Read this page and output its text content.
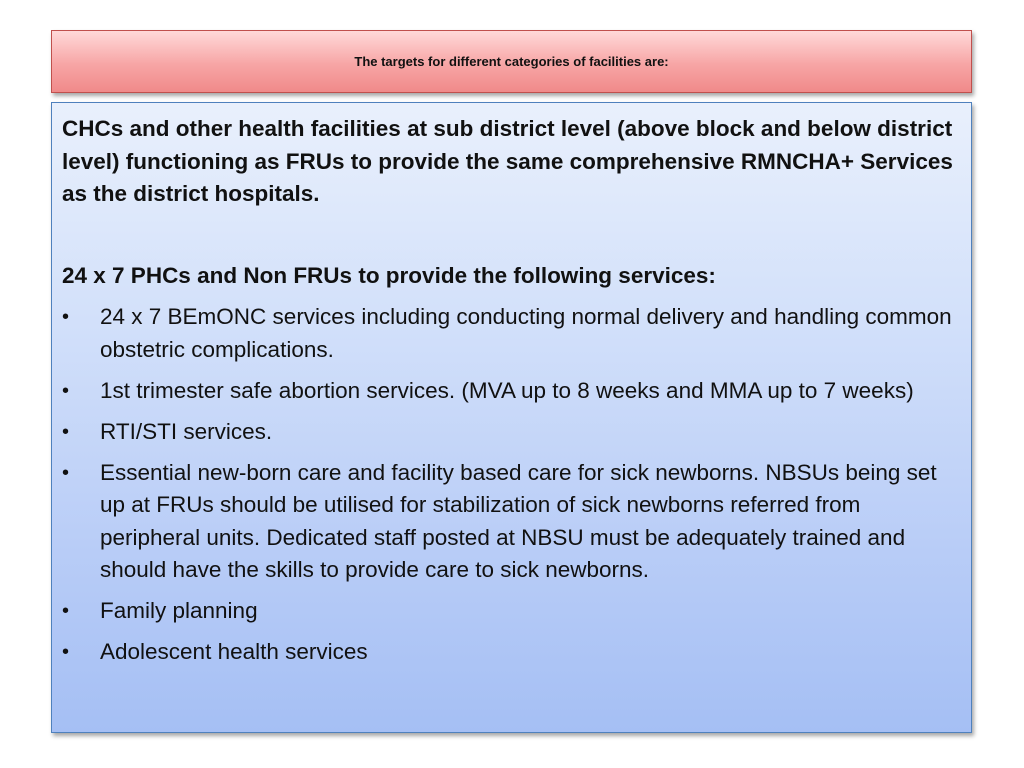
The targets for different categories of facilities are:

CHCs and other health facilities at sub district level (above block and below district level) functioning as FRUs to provide the same comprehensive RMNCHA+ Services as the district hospitals.

24 x 7 PHCs and Non FRUs to provide the following services:

•	24 x 7 BEmONC services including conducting normal delivery and handling common obstetric complications.
•	1st trimester safe abortion services. (MVA up to 8 weeks and MMA up to 7 weeks)
•	RTI/STI services.
•	Essential new-born care and facility based care for sick newborns. NBSUs being set up at FRUs should be utilised for stabilization of sick newborns referred from peripheral units. Dedicated staff posted at NBSU must be adequately trained and should have the skills to provide care to sick newborns.
•	Family planning
•	Adolescent health services
